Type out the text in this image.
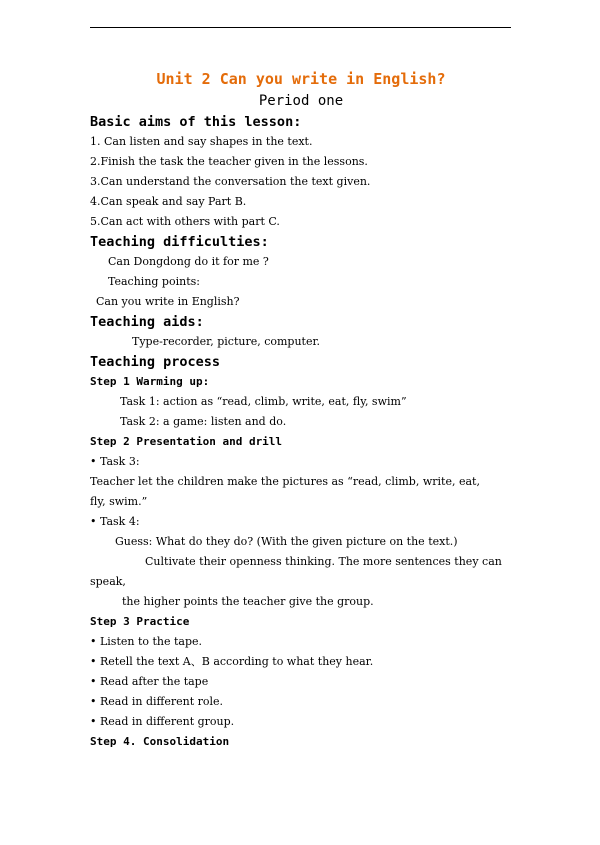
Unit 2 Can you write in English?
Period one
Basic aims of this lesson:
1. Can listen and say shapes in the text.
2.Finish the task the teacher given in the lessons.
3.Can understand the conversation the text given.
4.Can speak and say Part B.
5.Can act with others with part C.
Teaching difficulties:
Can Dongdong do it for me ?
Teaching points:
Can you write in English?
Teaching aids:
Type-recorder, picture, computer.
Teaching process
Step 1 Warming up:
Task 1: action as “read, climb, write, eat, fly, swim”
Task 2: a game: listen and do.
Step 2 Presentation and drill
• Task 3:
Teacher let the children make the pictures as “read, climb, write, eat,
fly, swim.”
• Task 4:
Guess: What do they do? (With the given picture on the text.)
Cultivate their openness thinking. The more sentences they can
speak,
the higher points the teacher give the group.
Step 3 Practice
• Listen to the tape.
• Retell the text A、B according to what they hear.
• Read after the tape
• Read in different role.
• Read in different group.
Step 4. Consolidation
